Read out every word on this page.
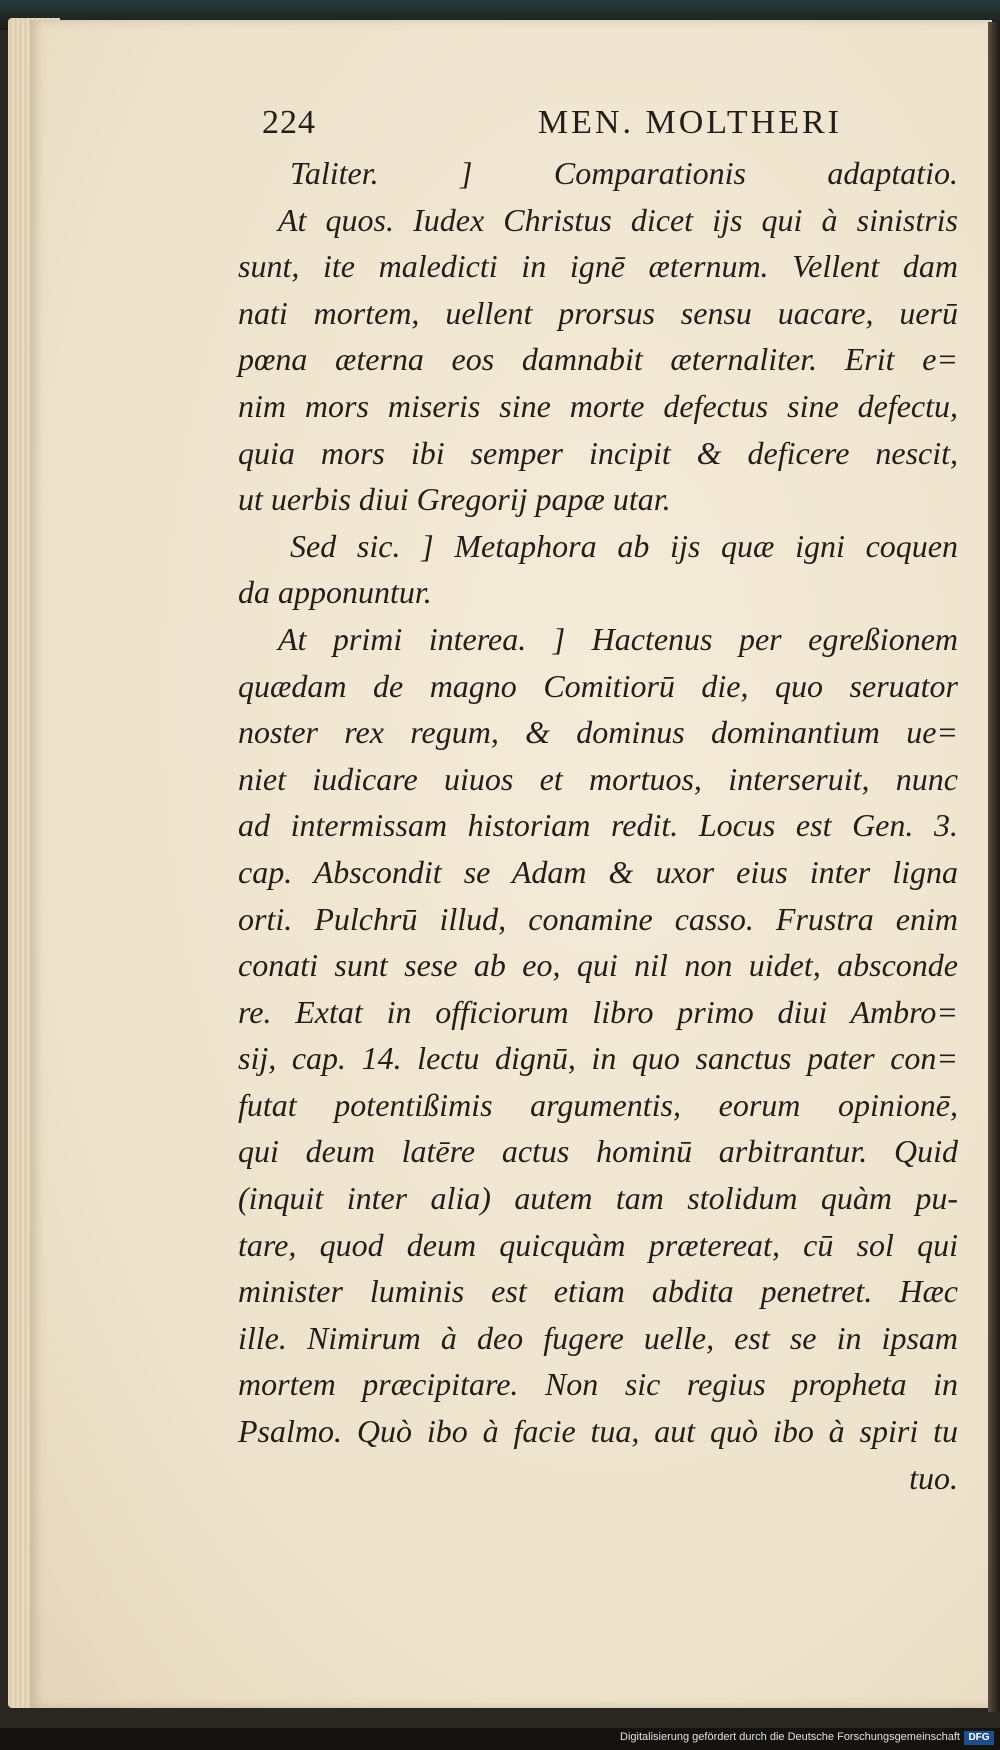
224	MEN. MOLTHERI
Taliter. ] Comparationis adaptatio.
At quos. Iudex Christus dicet ijs qui à sinistris
sunt, ite maledicti in ignē æternum. Vellent dam
nati mortem, uellent prorsus sensu uacare, uerū
pœna æterna eos damnabit æternaliter. Erit e=
nim mors miseris sine morte defectus sine defectu,
quia mors ibi semper incipit & deficere nescit,
ut uerbis diui Gregorij papæ utar.
Sed sic. ] Metaphora ab ijs quæ igni coquen
da apponuntur.
At primi interea. ] Hactenus per egreßionem
quædam de magno Comitiorū die, quo seruator
noster rex regum, & dominus dominantium ue=
niet iudicare uiuos et mortuos, interseruit, nunc
ad intermissam historiam redit. Locus est Gen. 3.
cap. Abscondit se Adam & uxor eius inter ligna
orti. Pulchrū illud, conamine casso. Frustra enim
conati sunt sese ab eo, qui nil non uidet, absconde
re. Extat in officiorum libro primo diui Ambro=
sij, cap. 14. lectu dignū, in quo sanctus pater con=
futat potentißimis argumentis, eorum opinionē,
qui deum latēre actus hominū arbitrantur. Quid
(inquit inter alia) autem tam stolidum quàm pu-
tare, quod deum quicquàm prætereat, cū sol qui
minister luminis est etiam abdita penetret. Hæc
ille. Nimirum à deo fugere uelle, est se in ipsam
mortem præcipitare. Non sic regius propheta in
Psalmo. Quò ibo à facie tua, aut quò ibo à spiri tu
tuo.
Digitalisierung gefördert durch die Deutsche Forschungsgemeinschaft DFG
